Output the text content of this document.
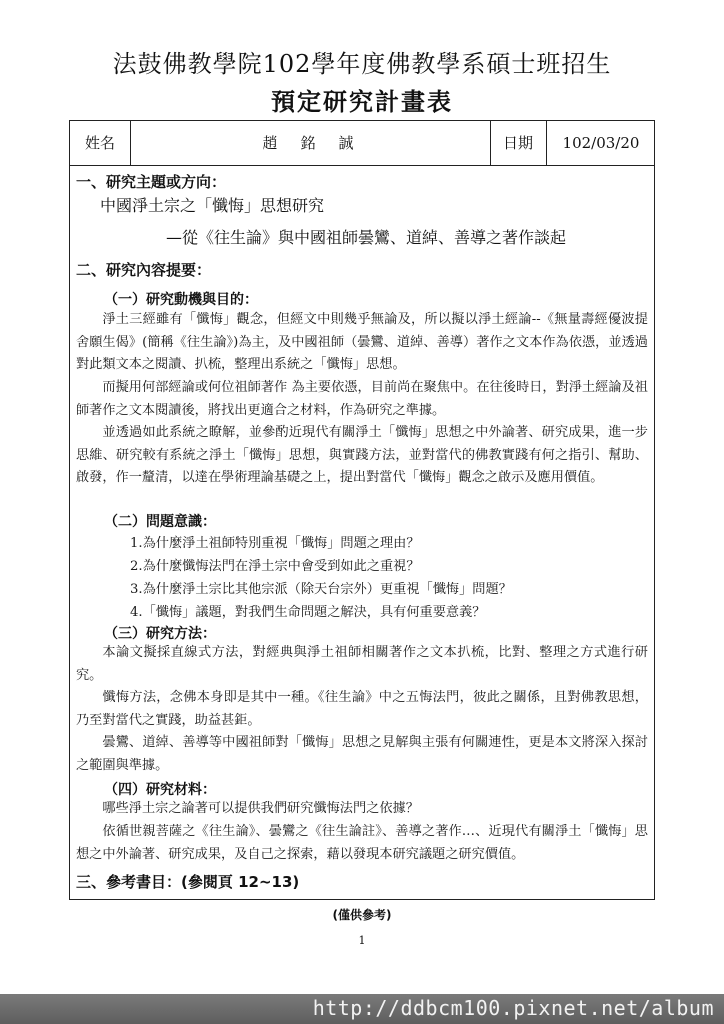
法鼓佛教學院102學年度佛教學系碩士班招生
預定研究計畫表
姓名	趙　銘　誠	日期	102/03/20
一、研究主題或方向：
中國淨土宗之「懺悔」思想研究
—從《往生論》與中國祖師曇鸞、道綽、善導之著作談起
二、研究內容提要：
（一）研究動機與目的：

淨土三經雖有「懺悔」觀念，但經文中則幾乎無論及，所以擬以淨土經論--《無量壽經優波提舍願生偈》(簡稱《往生論》)為主，及中國祖師（曇鸞、道綽、善導）著作之文本作為依憑，並透過對此類文本之閱讀、扒梳，整理出系統之「懺悔」思想。

而擬用何部經論或何位祖師著作 為主要依憑，目前尚在聚焦中。在往後時日，對淨土經論及祖師著作之文本閱讀後，將找出更適合之材料，作為研究之準據。

並透過如此系統之瞭解，並參酌近現代有關淨土「懺悔」思想之中外論著、研究成果，進一步思維、研究較有系統之淨土「懺悔」思想，與實踐方法，並對當代的佛教實踐有何之指引、幫助、啟發，作一釐清，以達在學術理論基礎之上，提出對當代「懺悔」觀念之啟示及應用價值。

（二）問題意識：
1.為什麼淨土祖師特別重視「懺悔」問題之理由？
2.為什麼懺悔法門在淨土宗中會受到如此之重視？
3.為什麼淨土宗比其他宗派（除天台宗外）更重視「懺悔」問題？
4.「懺悔」議題，對我們生命問題之解決，具有何重要意義？
（三）研究方法：

本論文擬採直線式方法，對經典與淨土祖師相關著作之文本扒梳，比對、整理之方式進行研究。

懺悔方法，念佛本身即是其中一種。《往生論》中之五悔法門，彼此之關係，且對佛教思想，乃至對當代之實踐，助益甚鉅。

曇鸞、道綽、善導等中國祖師對「懺悔」思想之見解與主張有何關連性，更是本文將深入探討之範圍與準據。

（四）研究材料：

哪些淨土宗之論著可以提供我們研究懺悔法門之依據？

依循世親菩薩之《往生論》、曇鸞之《往生論註》、善導之著作…、近現代有關淨土「懺悔」思想之中外論著、研究成果，及自己之探索，藉以發現本研究議題之研究價值。

三、參考書目：(參閱頁 12~13)
(僅供參考)
1
http://ddbcm100.pixnet.net/album
